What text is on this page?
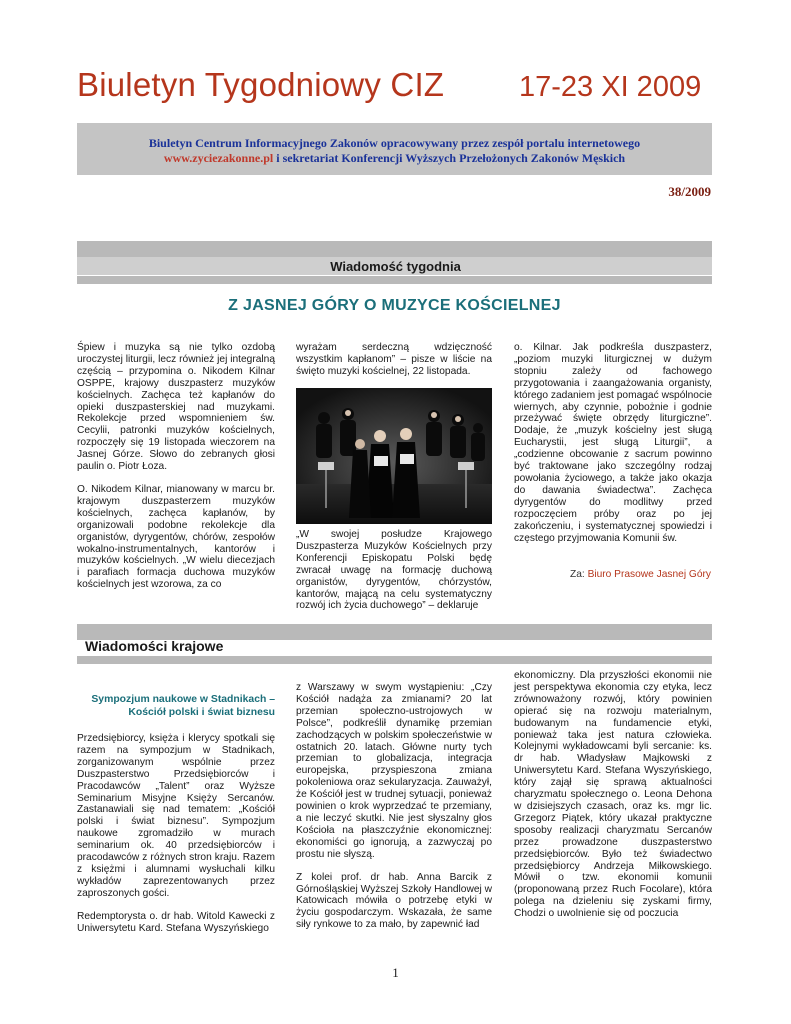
Biuletyn Tygodniowy CIZ	17-23 XI 2009
Biuletyn Centrum Informacyjnego Zakonów opracowywany przez zespół portalu internetowego
www.zyciezakonne.pl i sekretariat Konferencji Wyższych Przełożonych Zakonów Męskich
38/2009
Wiadomość tygodnia
Z JASNEJ GÓRY O MUZYCE KOŚCIELNEJ

Śpiew i muzyka są nie tylko ozdobą uroczystej liturgii, lecz również jej integralną częścią – przypomina o. Nikodem Kilnar OSPPE, krajowy duszpasterz muzyków kościelnych. Zachęca też kapłanów do opieki duszpasterskiej nad muzykami. Rekolekcje przed wspomnieniem św. Cecylii, patronki muzyków kościelnych, rozpoczęły się 19 listopada wieczorem na Jasnej Górze. Słowo do zebranych głosi paulin o. Piotr Łoza.

O. Nikodem Kilnar, mianowany w marcu br. krajowym duszpasterzem muzyków kościelnych, zachęca kapłanów, by organizowali podobne rekolekcje dla organistów, dyrygentów, chórów, zespołów wokalno-instrumentalnych, kantorów i muzyków kościelnych. „W wielu diecezjach i parafiach formacja duchowa muzyków kościelnych jest wzorowa, za co

wyrażam serdeczną wdzięczność wszystkim kapłanom” – pisze w liście na święto muzyki kościelnej, 22 listopada.

„W swojej posłudze Krajowego Duszpasterza Muzyków Kościelnych przy Konferencji Episkopatu Polski będę zwracał uwagę na formację duchową organistów, dyrygentów, chórzystów, kantorów, mającą na celu systematyczny rozwój ich życia duchowego” – deklaruje

o. Kilnar. Jak podkreśla duszpasterz, „poziom muzyki liturgicznej w dużym stopniu zależy od fachowego przygotowania i zaangażowania organisty, którego zadaniem jest pomagać wspólnocie wiernych, aby czynnie, pobożnie i godnie przeżywać święte obrzędy liturgiczne”. Dodaje, że „muzyk kościelny jest sługą Eucharystii, jest sługą Liturgii”, a „codzienne obcowanie z sacrum powinno być traktowane jako szczególny rodzaj powołania życiowego, a także jako okazja do dawania świadectwa”. Zachęca dyrygentów do modlitwy przed rozpoczęciem próby oraz po jej zakończeniu, i systematycznej spowiedzi i częstego przyjmowania Komunii św.

Za: Biuro Prasowe Jasnej Góry
Wiadomości krajowe
Sympozjum naukowe w Stadnikach – Kościół polski i świat biznesu

Przedsiębiorcy, księża i klerycy spotkali się razem na sympozjum w Stadnikach, zorganizowanym wspólnie przez Duszpasterstwo Przedsiębiorców i Pracodawców „Talent” oraz Wyższe Seminarium Misyjne Księży Sercanów. Zastanawiali się nad tematem: „Kościół polski i świat biznesu”. Sympozjum naukowe zgromadziło w murach seminarium ok. 40 przedsiębiorców i pracodawców z różnych stron kraju. Razem z księżmi i alumnami wysłuchali kilku wykładów zaprezentowanych przez zaproszonych gości.

Redemptorysta o. dr hab. Witold Kawecki z Uniwersytetu Kard. Stefana Wyszyńskiego

z Warszawy w swym wystąpieniu: „Czy Kościół nadąża za zmianami? 20 lat przemian społeczno-ustrojowych w Polsce”, podkreślił dynamikę przemian zachodzących w polskim społeczeństwie w ostatnich 20. latach. Główne nurty tych przemian to globalizacja, integracja europejska, przyspieszona zmiana pokoleniowa oraz sekularyzacja. Zauważył, że Kościół jest w trudnej sytuacji, ponieważ powinien o krok wyprzedzać te przemiany, a nie leczyć skutki. Nie jest słyszalny głos Kościoła na płaszczyźnie ekonomicznej: ekonomiści go ignorują, a zazwyczaj po prostu nie słyszą.

Z kolei prof. dr hab. Anna Barcik z Górnośląskiej Wyższej Szkoły Handlowej w Katowicach mówiła o potrzebę etyki w życiu gospodarczym. Wskazała, że same siły rynkowe to za mało, by zapewnić ład

ekonomiczny. Dla przyszłości ekonomii nie jest perspektywa ekonomia czy etyka, lecz zrównoważony rozwój, który powinien opierać się na rozwoju materialnym, budowanym na fundamencie etyki, ponieważ taka jest natura człowieka. Kolejnymi wykładowcami byli sercanie: ks. dr hab. Władysław Majkowski z Uniwersytetu Kard. Stefana Wyszyńskiego, który zajął się sprawą aktualności charyzmatu społecznego o. Leona Dehona w dzisiejszych czasach, oraz ks. mgr lic. Grzegorz Piątek, który ukazał praktyczne sposoby realizacji charyzmatu Sercanów przez prowadzone duszpasterstwo przedsiębiorców. Było też świadectwo przedsiębiorcy Andrzeja Miłkowskiego. Mówił o tzw. ekonomii komunii (proponowaną przez Ruch Focolare), która polega na dzieleniu się zyskami firmy, Chodzi o uwolnienie się od poczucia

1
